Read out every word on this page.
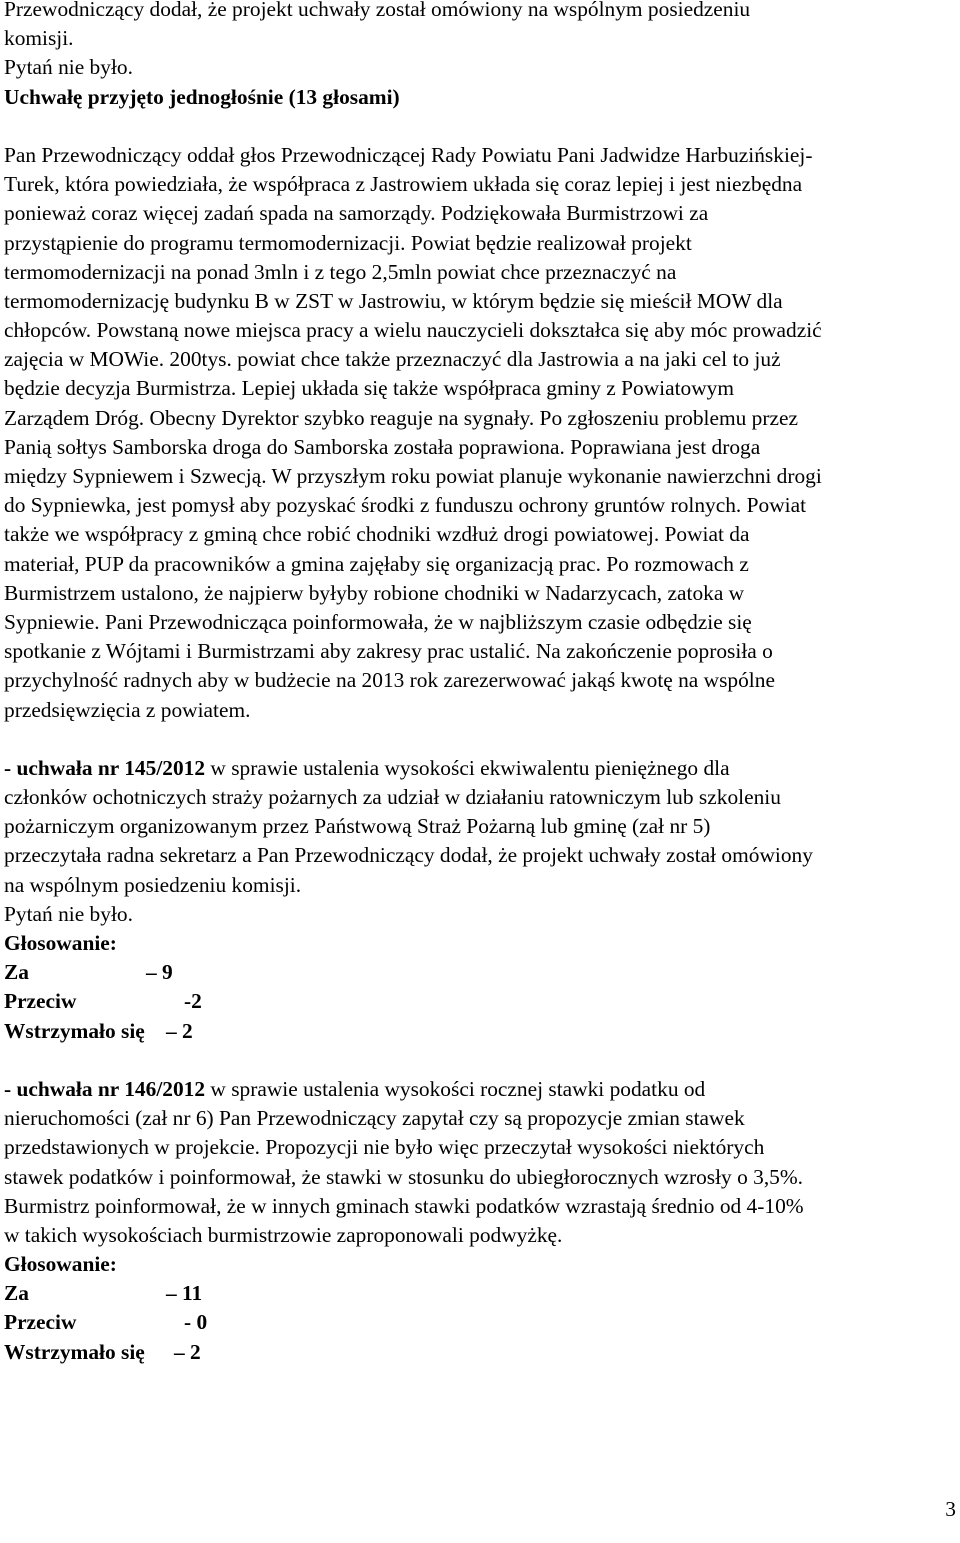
Przewodniczący dodał, że projekt uchwały został omówiony na wspólnym posiedzeniu
komisji.
Pytań nie było.
Uchwałę przyjęto jednogłośnie (13 głosami)
Pan Przewodniczący oddał głos Przewodniczącej Rady Powiatu Pani Jadwidze Harbuzińskiej-
Turek, która powiedziała, że współpraca z Jastrowiem układa się coraz lepiej i jest niezbędna
ponieważ coraz więcej zadań spada na samorządy. Podziękowała Burmistrzowi za
przystąpienie do programu termomodernizacji. Powiat będzie realizował projekt
termomodernizacji na ponad 3mln i z tego 2,5mln powiat chce przeznaczyć na
termomodernizację budynku B w ZST w Jastrowiu, w którym będzie się mieścił MOW dla
chłopców. Powstaną nowe miejsca pracy a wielu nauczycieli dokształca się aby móc prowadzić
zajęcia w MOWie. 200tys. powiat chce także przeznaczyć dla Jastrowia a na jaki cel to już
będzie decyzja Burmistrza. Lepiej układa się także współpraca gminy z Powiatowym
Zarządem Dróg. Obecny Dyrektor szybko reaguje na sygnały. Po zgłoszeniu problemu przez
Panią sołtys Samborska droga do Samborska została poprawiona. Poprawiana jest droga
między Sypniewem i Szwecją. W przyszłym roku powiat planuje wykonanie nawierzchni drogi
do Sypniewka, jest pomysł aby pozyskać środki z funduszu ochrony gruntów rolnych. Powiat
także we współpracy z gminą chce robić chodniki wzdłuż drogi powiatowej. Powiat da
materiał, PUP da pracowników a gmina zajęłaby się organizacją prac. Po rozmowach z
Burmistrzem ustalono, że najpierw byłyby robione chodniki w Nadarzycach, zatoka w
Sypniewie. Pani Przewodnicząca poinformowała, że w najbliższym czasie odbędzie się
spotkanie z Wójtami i Burmistrzami aby zakresy prac ustalić. Na zakończenie poprosiła o
przychylność radnych aby w budżecie na 2013 rok zarezerwować jakąś kwotę na wspólne
przedsięwzięcia z powiatem.
- uchwała nr 145/2012 w sprawie ustalenia wysokości ekwiwalentu pieniężnego dla
członków ochotniczych straży pożarnych za udział w działaniu ratowniczym lub szkoleniu
pożarniczym organizowanym przez Państwową Straż Pożarną lub gminę (zał nr 5)
przeczytała radna sekretarz a Pan Przewodniczący dodał, że projekt uchwały został omówiony
na wspólnym posiedzeniu komisji.
Pytań nie było.
Głosowanie:
Za	– 9
Przeciw	-2
Wstrzymało się – 2
- uchwała nr 146/2012 w sprawie ustalenia wysokości rocznej stawki podatku od
nieruchomości (zał nr 6) Pan Przewodniczący zapytał czy są propozycje zmian stawek
przedstawionych w projekcie. Propozycji nie było więc przeczytał wysokości niektórych
stawek podatków i poinformował, że stawki w stosunku do ubiegłorocznych wzrosły o 3,5%.
Burmistrz poinformował, że w innych gminach stawki podatków wzrastają średnio od 4-10%
w takich wysokościach burmistrzowie zaproponowali podwyżkę.
Głosowanie:
Za	– 11
Przeciw	- 0
Wstrzymało się – 2
3
